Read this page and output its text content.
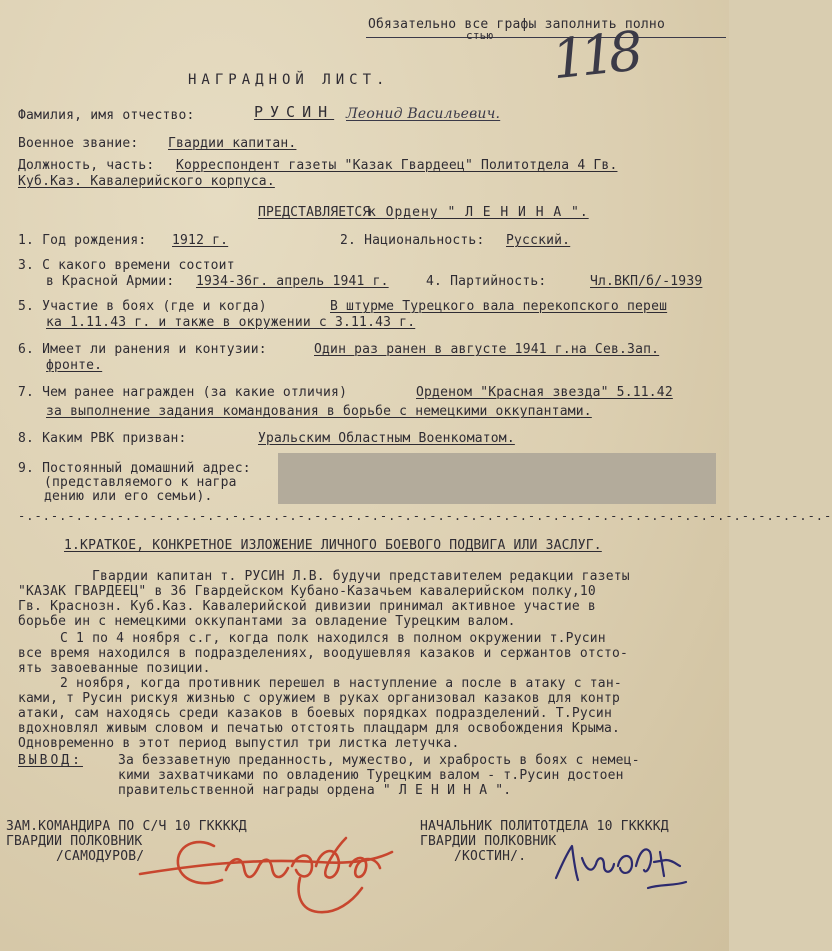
Обязательно все графы заполнить полно
стью 118
НАГРАДНОЙ ЛИСТ.
Фамилия, имя отчество:	РУСИН Леонид Васильевич.
Военное звание: Гвардии капитан.
Должность, часть: Корреспондент газеты "Казак Гвардеец" Политотдела 4 Гв.
Куб.Каз. Кавалерийского корпуса.
ПРЕДСТАВЛЯЕТСЯ
к Ордену " Л Е Н И Н А ".
1. Год рождения: 1912 г.	2. Национальность: Русский.
3. С какого времени состоит
в Красной Армии: 1934-36г. апрель 1941 г.	4. Партийность:	Чл.ВКП/б/-1939
5. Участие в боях (где и когда)	В штурме Турецкого вала перекопского переш
ка 1.11.43 г. и также в окружении с 3.11.43 г.
6. Имеет ли ранения и контузии:	Один раз ранен в августе 1941 г.на Сев.Зап.
фронте.
7. Чем ранее награжден (за какие отличия)	Орденом "Красная звезда" 5.11.42
за выполнение задания командования в борьбе с немецкими оккупантами.
8. Каким РВК призван:	Уральским Областным Военкоматом.
9. Постоянный домашний адрес:
(представляемого к награ
дению или его семьи).
-.-.-.-.-.-.-.-.-.-.-.-.-.-.-.-.-.-.-.-.-.-.-.-.-.-.-.-.-.-.-.-.-.-.-.-.-.-.-.-.-.-.-.-.-.-.-.-.-.-
1.КРАТКОЕ, КОНКРЕТНОЕ ИЗЛОЖЕНИЕ ЛИЧНОГО БОЕВОГО ПОДВИГА ИЛИ ЗАСЛУГ.
Гвардии капитан т. РУСИН Л.В. будучи представителем редакции газеты
"КАЗАК ГВАРДЕЕЦ" в 36 Гвардейском Кубано-Казачьем кавалерийском полку,10
Гв. Краснозн. Куб.Каз. Кавалерийской дивизии принимал активное участие в
борьбе ин с немецкими оккупантами за овладение Турецким валом.
С 1 по 4 ноября с.г, когда полк находился в полном окружении т.Русин
все время находился в подразделениях, воодушевляя казаков и сержантов отсто-
ять завоеванные позиции.
2 ноября, когда противник перешел в наступление а после в атаку с тан-
ками, т Русин рискуя жизнью с оружием в руках организовал казаков для контр
атаки, сам находясь среди казаков в боевых порядках подразделений. Т.Русин
вдохновлял живым словом и печатью отстоять плацдарм для освобождения Крыма.
Одновременно в этот период выпустил три листка летучка.
ВЫВОД:	За беззаветную преданность, мужество, и храбрость в боях с немец-
кими захватчиками по овладению Турецким валом - т.Русин достоен
правительственной награды ордена " Л Е Н И Н А ".
ЗАМ.КОМАНДИРА ПО С/Ч 10 ГККККД
ГВАРДИИ ПОЛКОВНИК
/САМОДУРОВ/
НАЧАЛЬНИК ПОЛИТОТДЕЛА 10 ГККККД
ГВАРДИИ ПОЛКОВНИК
/КОСТИН/.
